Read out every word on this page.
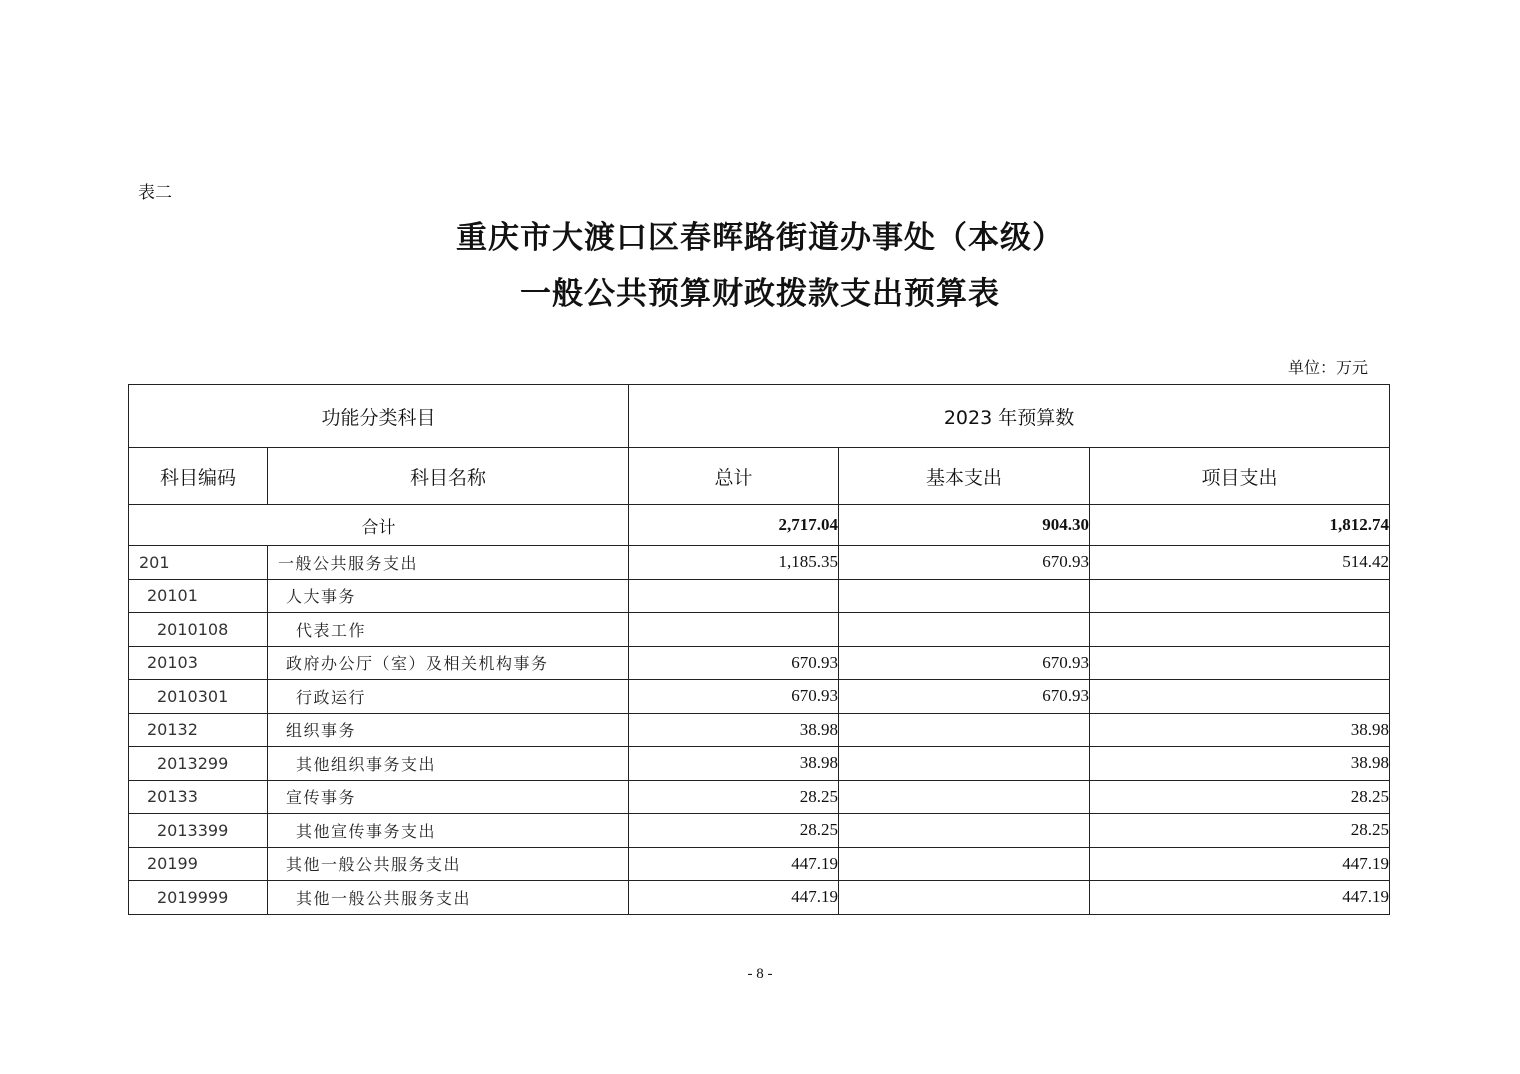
表二
重庆市大渡口区春晖路街道办事处（本级）
一般公共预算财政拨款支出预算表
单位：万元
功能分类科目		2023 年预算数		
科目编码	科目名称	总计	基本支出	项目支出
合计		2,717.04	904.30	1,812.74
201	一般公共服务支出	1,185.35	670.93	514.42
20101	人大事务			
2010108	代表工作			
20103	政府办公厅（室）及相关机构事务	670.93	670.93	
2010301	行政运行	670.93	670.93	
20132	组织事务	38.98		38.98
2013299	其他组织事务支出	38.98		38.98
20133	宣传事务	28.25		28.25
2013399	其他宣传事务支出	28.25		28.25
20199	其他一般公共服务支出	447.19		447.19
2019999	其他一般公共服务支出	447.19		447.19
- 8 -
